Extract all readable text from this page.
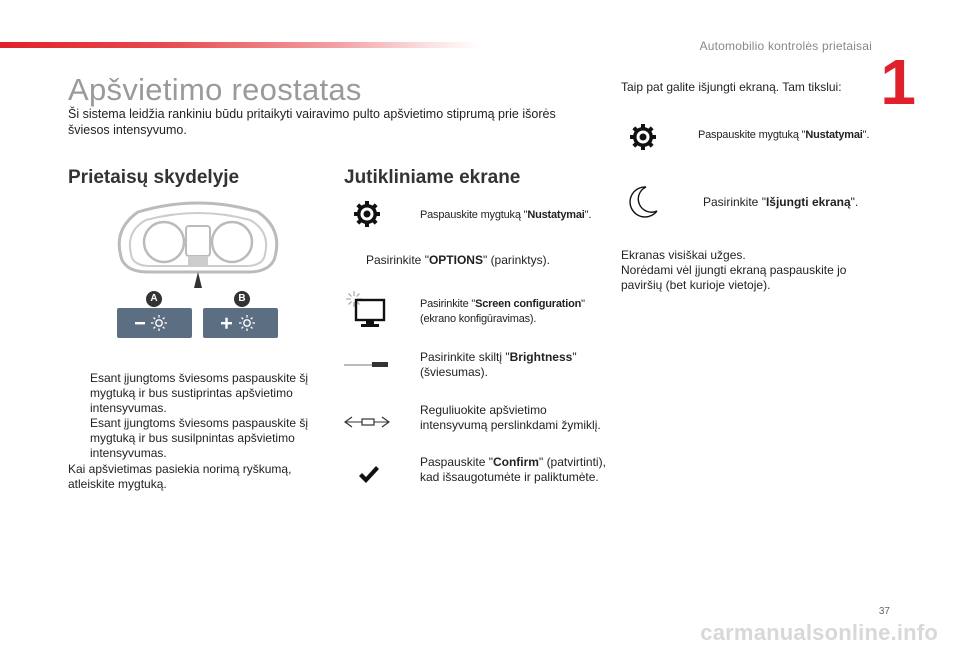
Automobilio kontrolės prietaisai 1
Apšvietimo reostatas
Ši sistema leidžia rankiniu būdu pritaikyti vairavimo pulto apšvietimo stiprumą prie išorės šviesos intensyvumo.
Prietaisų skydelyje
A	B
Esant įjungtoms šviesoms paspauskite šį mygtuką ir bus sustiprintas apšvietimo intensyvumas.
Esant įjungtoms šviesoms paspauskite šį mygtuką ir bus susilpnintas apšvietimo intensyvumas.
Kai apšvietimas pasiekia norimą ryškumą, atleiskite mygtuką.
Jutikliniame ekrane
Paspauskite mygtuką "Nustatymai".
Pasirinkite "OPTIONS" (parinktys).
Pasirinkite "Screen configuration" (ekrano konfigūravimas).
Pasirinkite skiltį "Brightness" (šviesumas).
Reguliuokite apšvietimo intensyvumą perslinkdami žymiklį.
Paspauskite "Confirm" (patvirtinti), kad išsaugotumėte ir paliktumėte.
Taip pat galite išjungti ekraną. Tam tikslui:
Paspauskite mygtuką "Nustatymai".
Pasirinkite "Išjungti ekraną".
Ekranas visiškai užges.
Norėdami vėl įjungti ekraną paspauskite jo paviršių (bet kurioje vietoje).
37
carmanualsonline.info
